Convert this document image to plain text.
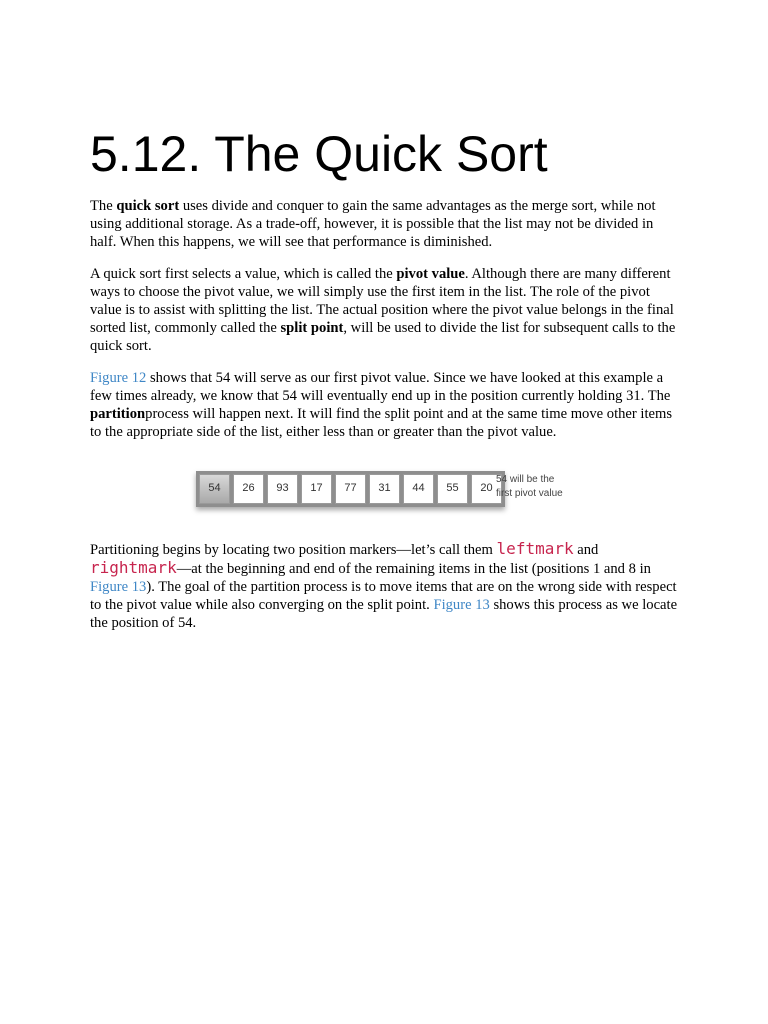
5.12. The Quick Sort

The quick sort uses divide and conquer to gain the same advantages as the merge sort, while not using additional storage. As a trade-off, however, it is possible that the list may not be divided in half. When this happens, we will see that performance is diminished.

A quick sort first selects a value, which is called the pivot value. Although there are many different ways to choose the pivot value, we will simply use the first item in the list. The role of the pivot value is to assist with splitting the list. The actual position where the pivot value belongs in the final sorted list, commonly called the split point, will be used to divide the list for subsequent calls to the quick sort.

Figure 12 shows that 54 will serve as our first pivot value. Since we have looked at this example a few times already, we know that 54 will eventually end up in the position currently holding 31. The partitionprocess will happen next. It will find the split point and at the same time move other items to the appropriate side of the list, either less than or greater than the pivot value.

54	26	93	17	77	31	44	55	20
54 will be the
first pivot value

Partitioning begins by locating two position markers—let’s call them leftmark and rightmark—at the beginning and end of the remaining items in the list (positions 1 and 8 in Figure 13). The goal of the partition process is to move items that are on the wrong side with respect to the pivot value while also converging on the split point. Figure 13 shows this process as we locate the position of 54.
